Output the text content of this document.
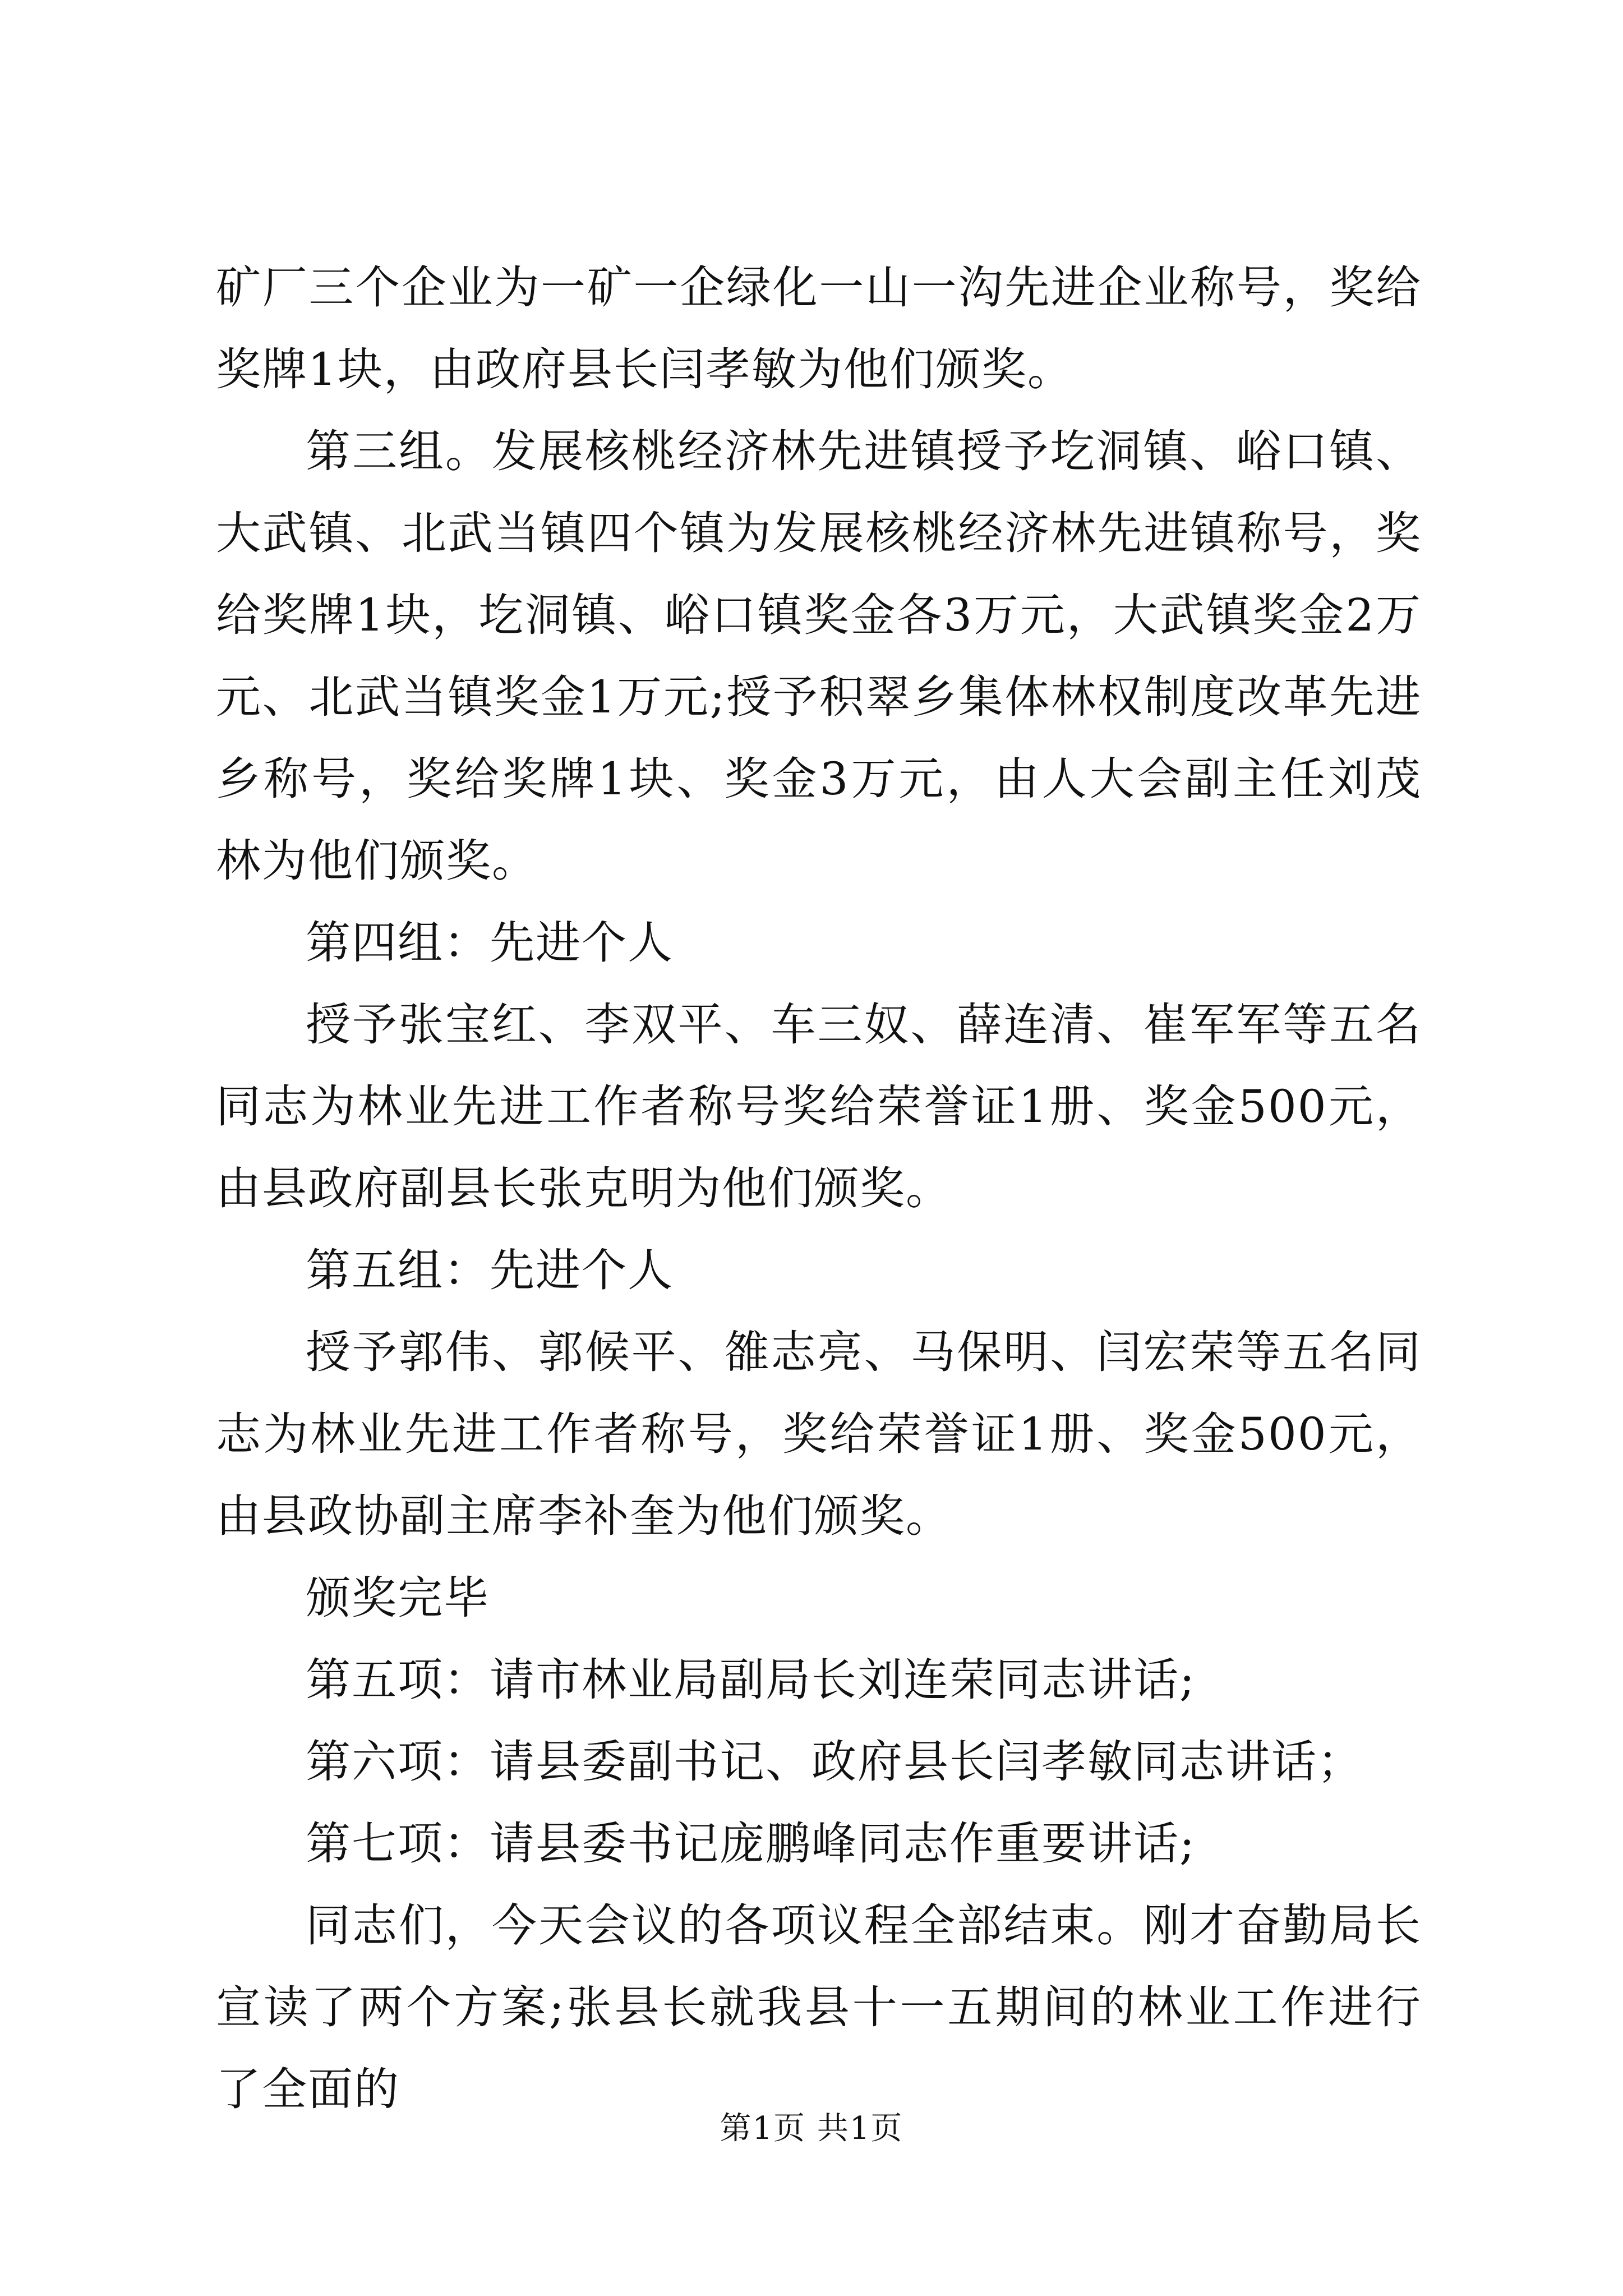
矿厂三个企业为一矿一企绿化一山一沟先进企业称号，奖给奖牌1块，由政府县长闫孝敏为他们颁奖。

第三组。发展核桃经济林先进镇授予圪洞镇、峪口镇、大武镇、北武当镇四个镇为发展核桃经济林先进镇称号，奖给奖牌1块，圪洞镇、峪口镇奖金各3万元，大武镇奖金2万元、北武当镇奖金1万元;授予积翠乡集体林权制度改革先进乡称号，奖给奖牌1块、奖金3万元，由人大会副主任刘茂林为他们颁奖。

第四组：先进个人

授予张宝红、李双平、车三奴、薛连清、崔军军等五名同志为林业先进工作者称号奖给荣誉证1册、奖金500元，由县政府副县长张克明为他们颁奖。

第五组：先进个人

授予郭伟、郭候平、雒志亮、马保明、闫宏荣等五名同志为林业先进工作者称号，奖给荣誉证1册、奖金500元，由县政协副主席李补奎为他们颁奖。

颁奖完毕

第五项：请市林业局副局长刘连荣同志讲话;

第六项：请县委副书记、政府县长闫孝敏同志讲话；

第七项：请县委书记庞鹏峰同志作重要讲话;

同志们，今天会议的各项议程全部结束。刚才奋勤局长宣读了两个方案;张县长就我县十一五期间的林业工作进行了全面的

第1页 共1页
